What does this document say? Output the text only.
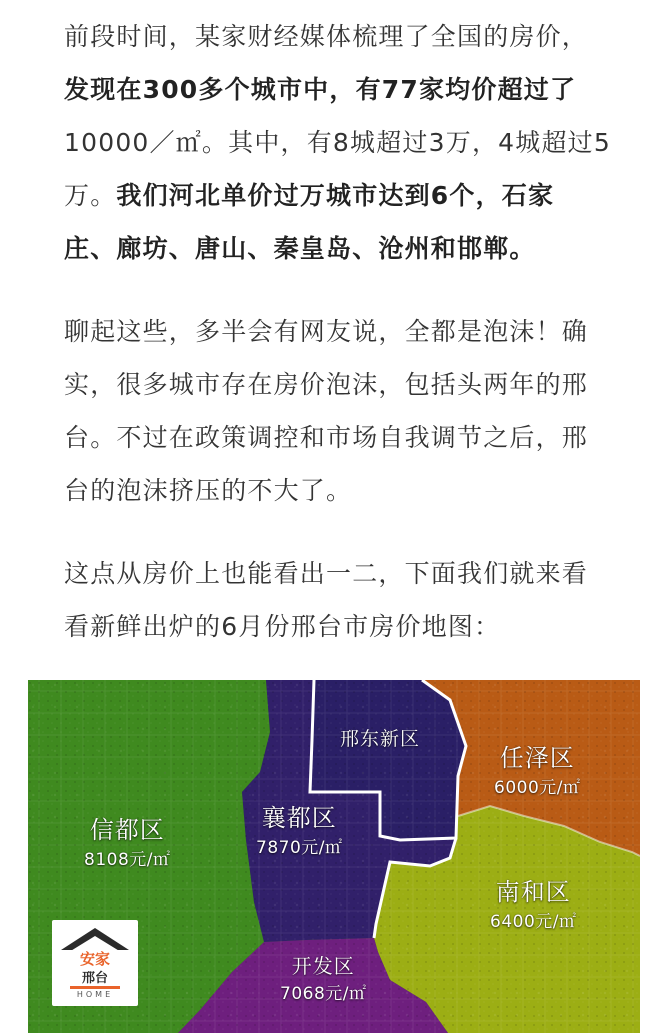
前段时间，某家财经媒体梳理了全国的房价，
发现在300多个城市中，有77家均价超过了
10000／㎡。其中，有8城超过3万，4城超过5
万。我们河北单价过万城市达到6个，石家
庄、廊坊、唐山、秦皇岛、沧州和邯郸。

聊起这些，多半会有网友说，全都是泡沫！确
实，很多城市存在房价泡沫，包括头两年的邢
台。不过在政策调控和市场自我调节之后，邢
台的泡沫挤压的不大了。

这点从房价上也能看出一二，下面我们就来看
看新鲜出炉的6月份邢台市房价地图：

信都区
8108元/㎡
邢东新区
任泽区
6000元/㎡
襄都区
7870元/㎡
南和区
6400元/㎡
开发区
7068元/㎡
安家
邢台
HOME
